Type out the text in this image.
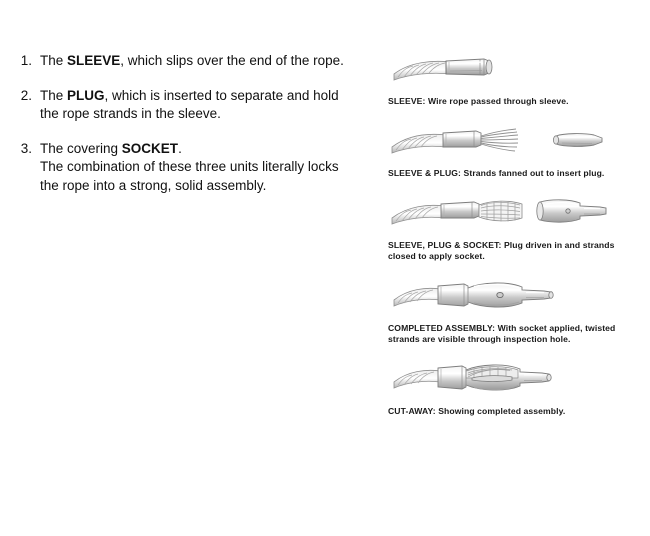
1. The SLEEVE, which slips over the end of the rope.
2. The PLUG, which is inserted to separate and hold the rope strands in the sleeve.
3. The covering SOCKET.
The combination of these three units literally locks the rope into a strong, solid assembly.
SLEEVE: Wire rope passed through sleeve.
SLEEVE & PLUG: Strands fanned out to insert plug.
SLEEVE, PLUG & SOCKET: Plug driven in and strands closed to apply socket.
COMPLETED ASSEMBLY: With socket applied, twisted strands are visible through inspection hole.
CUT-AWAY: Showing completed assembly.
